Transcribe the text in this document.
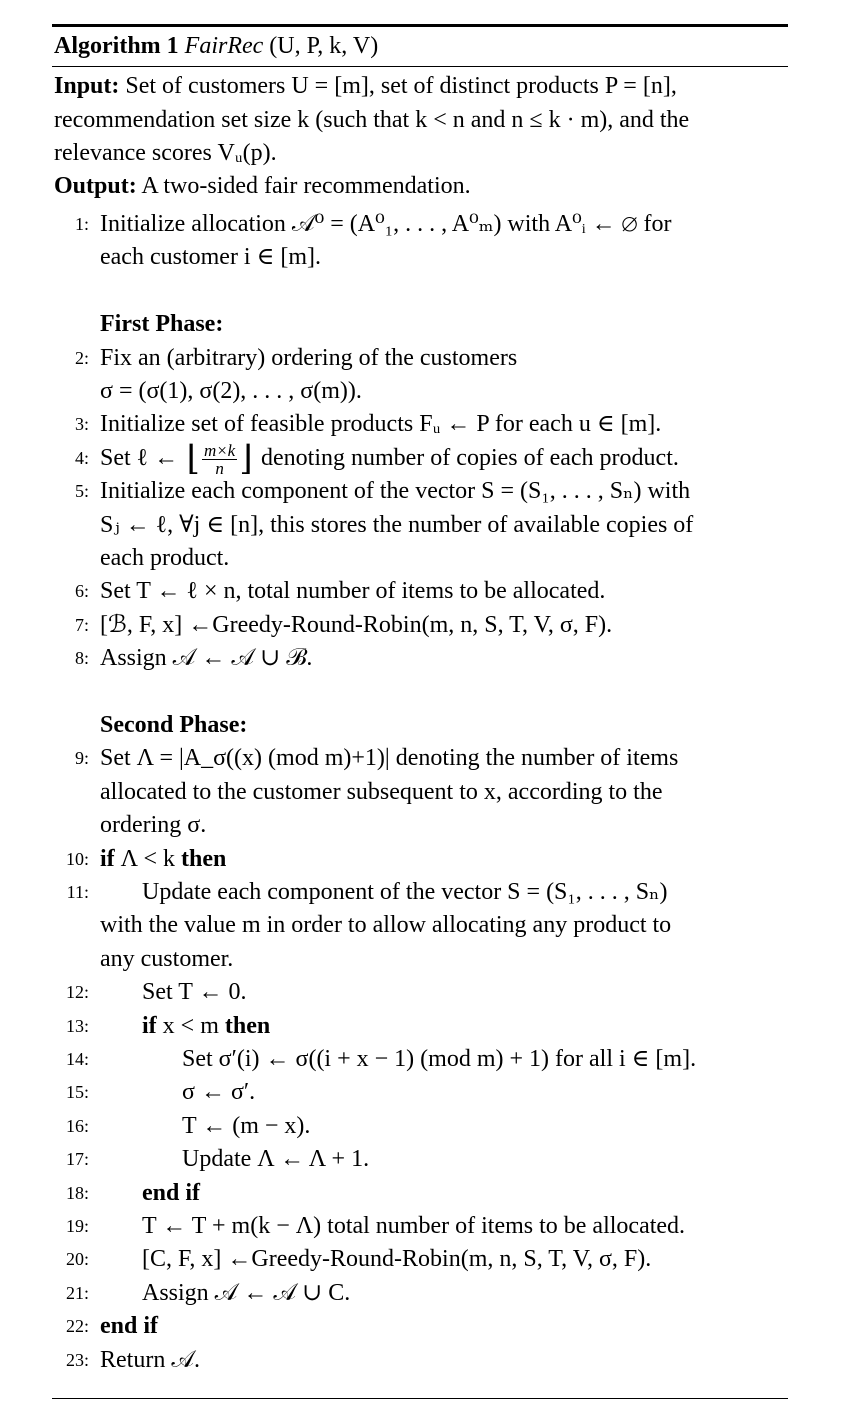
Algorithm 1 FairRec (U, P, k, V)
Input: Set of customers U = [m], set of distinct products P = [n],
recommendation set size k (such that k < n and n ≤ k · m), and the
relevance scores Vᵤ(p).
Output: A two-sided fair recommendation.
1: Initialize allocation 𝒜⁰ = (A⁰₁, . . . , A⁰ₘ) with A⁰ᵢ ← ∅ for
each customer i ∈ [m].
First Phase:
2: Fix an (arbitrary) ordering of the customers
σ = (σ(1), σ(2), . . . , σ(m)).
3: Initialize set of feasible products Fᵤ ← P for each u ∈ [m].
4: Set ℓ ← ⌊ $\frac{m\times k}{n}$ ⌋ denoting number of copies of each product.
5: Initialize each component of the vector S = (S₁, . . . , Sₙ) with
Sⱼ ← ℓ, ∀j ∈ [n], this stores the number of available copies of
each product.
6: Set T ← ℓ × n, total number of items to be allocated.
7: [ℬ, F, x] ←Greedy-Round-Robin(m, n, S, T, V, σ, F).
8: Assign 𝒜 ← 𝒜 ∪ ℬ.
Second Phase:
9: Set Λ = |A_σ((x) (mod m)+1)| denoting the number of items
allocated to the customer subsequent to x, according to the
ordering σ.
10: if Λ < k then
11: Update each component of the vector S = (S₁, . . . , Sₙ)
with the value m in order to allow allocating any product to
any customer.
12: Set T ← 0.
13: if x < m then
14:	Set σ′(i) ← σ((i + x − 1) (mod m) + 1) for all i ∈ [m].
15:	σ ← σ′.
16:	T ← (m − x).
17:	Update Λ ← Λ + 1.
18: end if
19: T ← T + m(k − Λ) total number of items to be allocated.
20: [C, F, x] ←Greedy-Round-Robin(m, n, S, T, V, σ, F).
21: Assign 𝒜 ← 𝒜 ∪ C.
22: end if
23: Return 𝒜.
